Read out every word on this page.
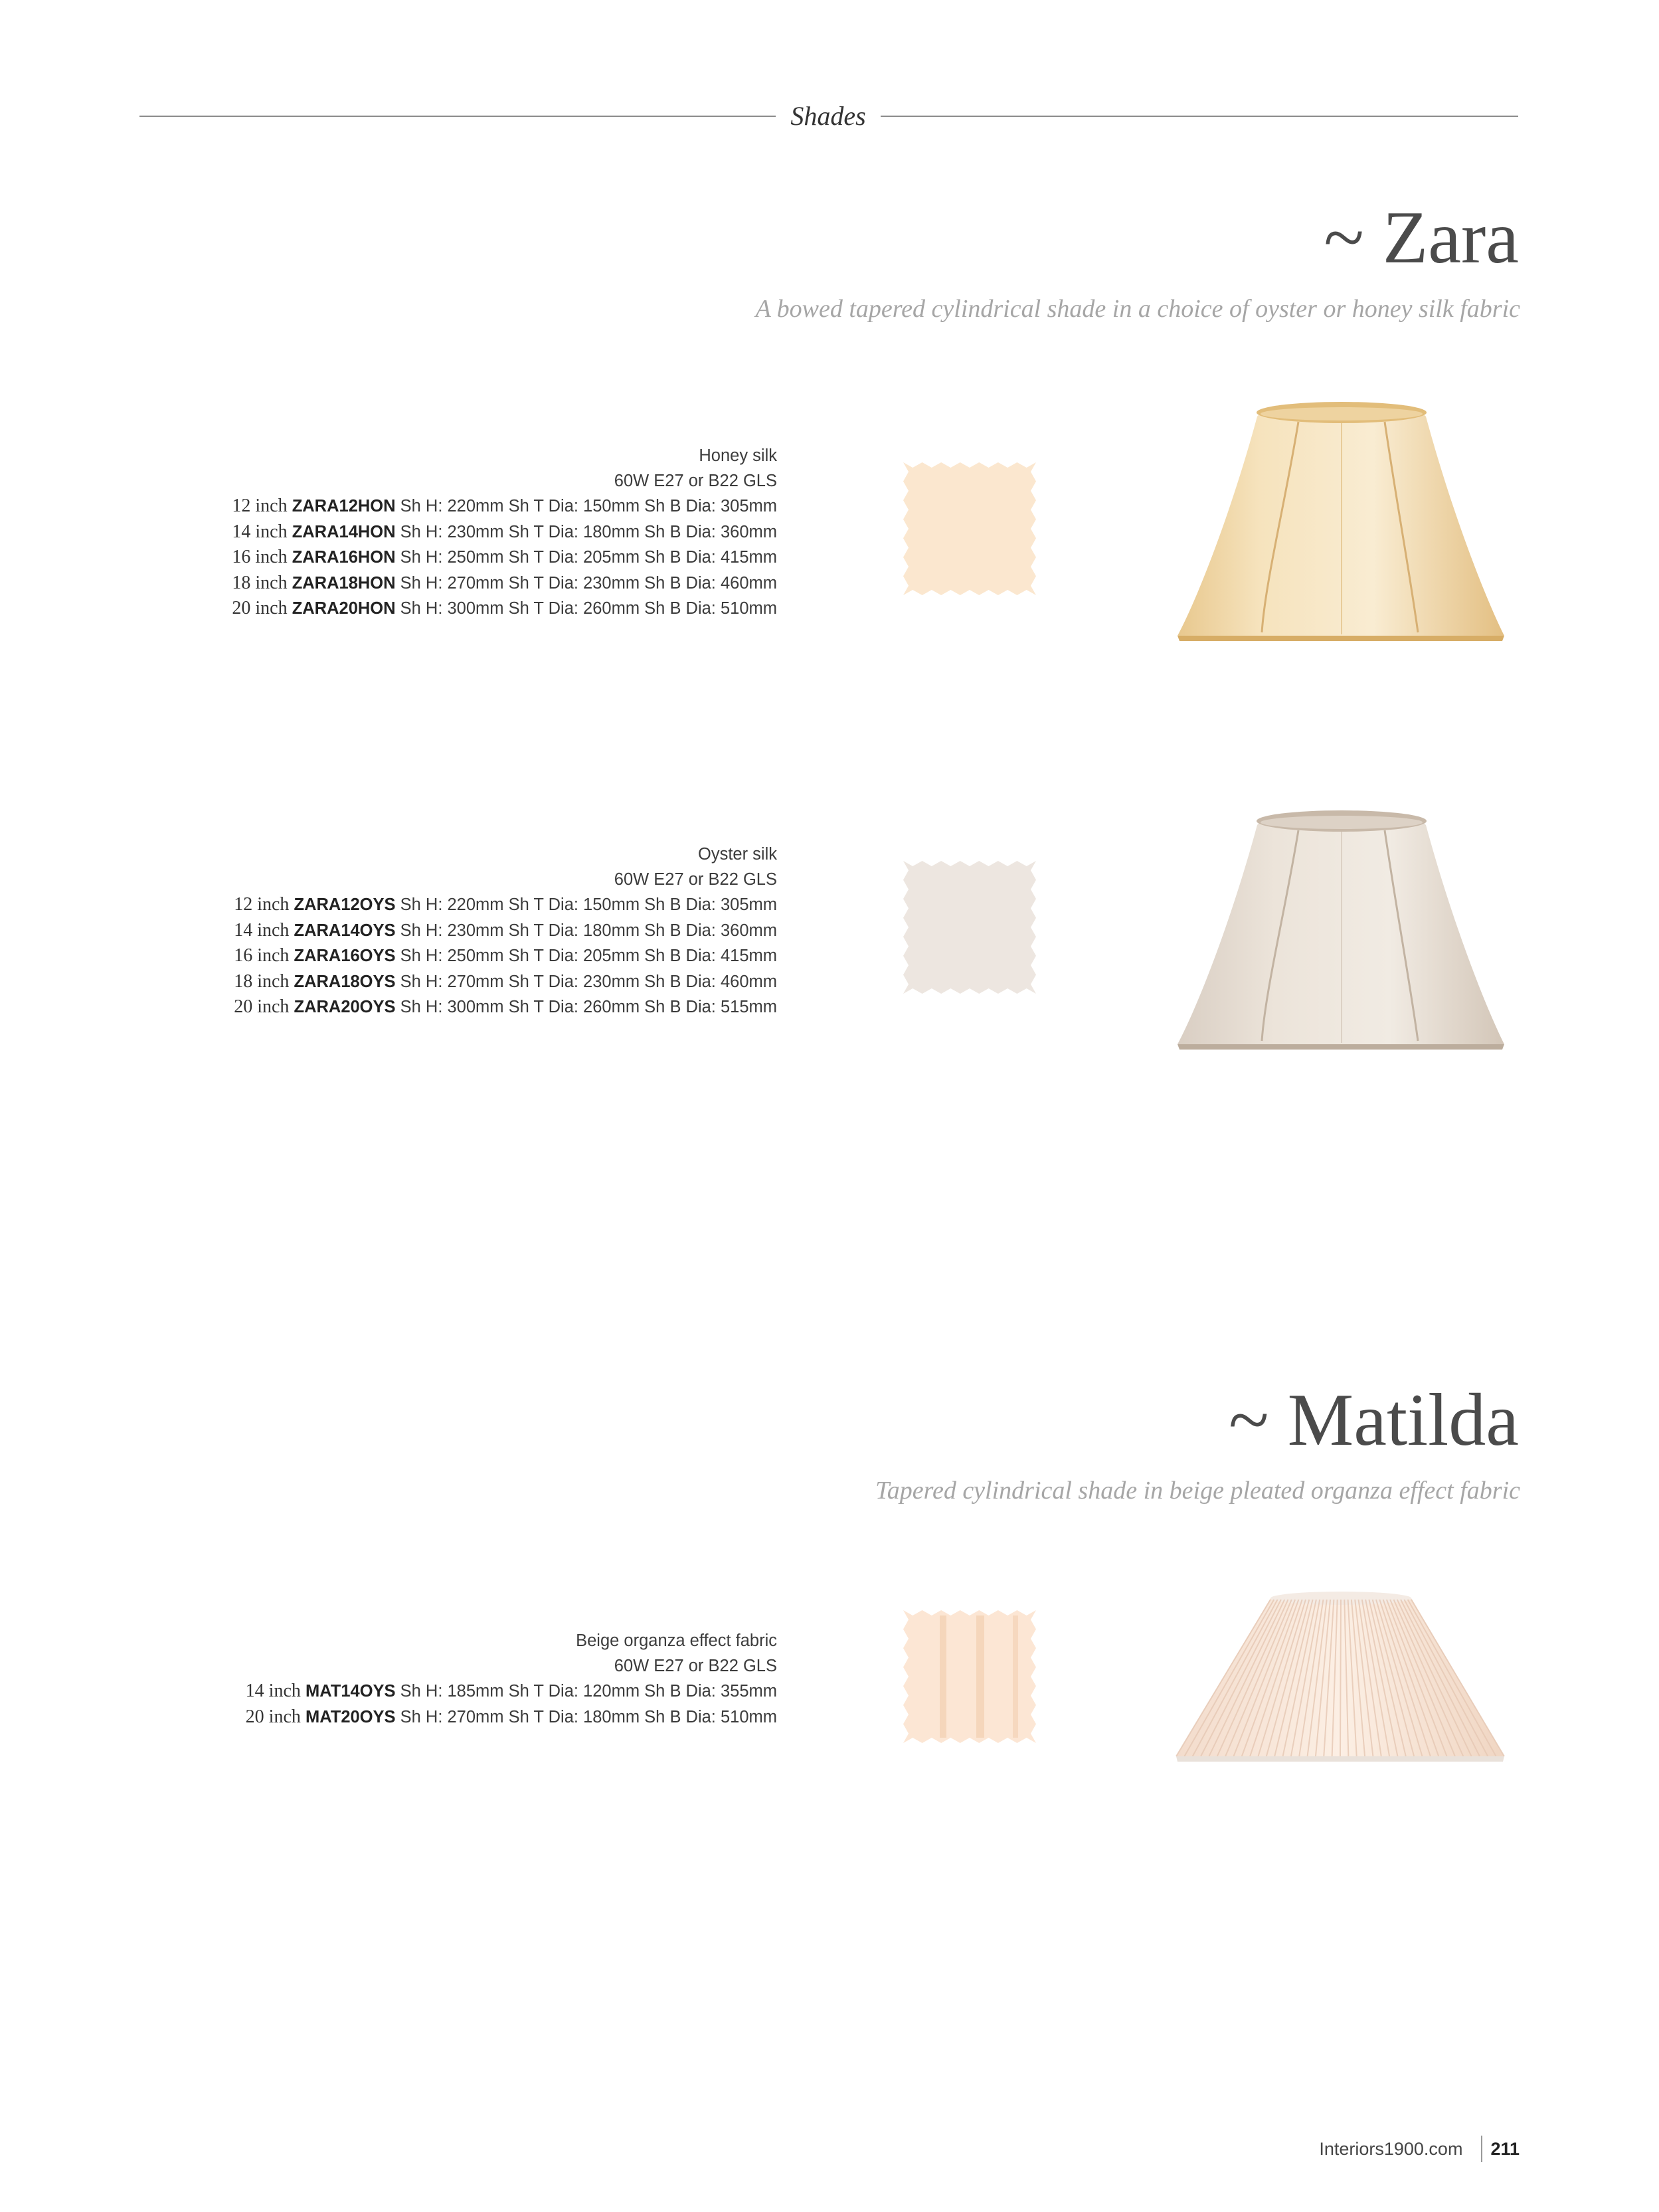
Shades
~ Zara
A bowed tapered cylindrical shade in a choice of oyster or honey silk fabric
Honey silk
60W E27 or B22 GLS
12 inch ZARA12HON Sh H: 220mm Sh T Dia: 150mm Sh B Dia: 305mm
14 inch ZARA14HON Sh H: 230mm Sh T Dia: 180mm Sh B Dia: 360mm
16 inch ZARA16HON Sh H: 250mm Sh T Dia: 205mm Sh B Dia: 415mm
18 inch ZARA18HON Sh H: 270mm Sh T Dia: 230mm Sh B Dia: 460mm
20 inch ZARA20HON Sh H: 300mm Sh T Dia: 260mm Sh B Dia: 510mm
Oyster silk
60W E27 or B22 GLS
12 inch ZARA12OYS Sh H: 220mm Sh T Dia: 150mm Sh B Dia: 305mm
14 inch ZARA14OYS Sh H: 230mm Sh T Dia: 180mm Sh B Dia: 360mm
16 inch ZARA16OYS Sh H: 250mm Sh T Dia: 205mm Sh B Dia: 415mm
18 inch ZARA18OYS Sh H: 270mm Sh T Dia: 230mm Sh B Dia: 460mm
20 inch ZARA20OYS Sh H: 300mm Sh T Dia: 260mm Sh B Dia: 515mm
~ Matilda
Tapered cylindrical shade in beige pleated organza effect fabric
Beige organza effect fabric
60W E27 or B22 GLS
14 inch MAT14OYS Sh H: 185mm Sh T Dia: 120mm Sh B Dia: 355mm
20 inch MAT20OYS Sh H: 270mm Sh T Dia: 180mm Sh B Dia: 510mm
Interiors1900.com 211
